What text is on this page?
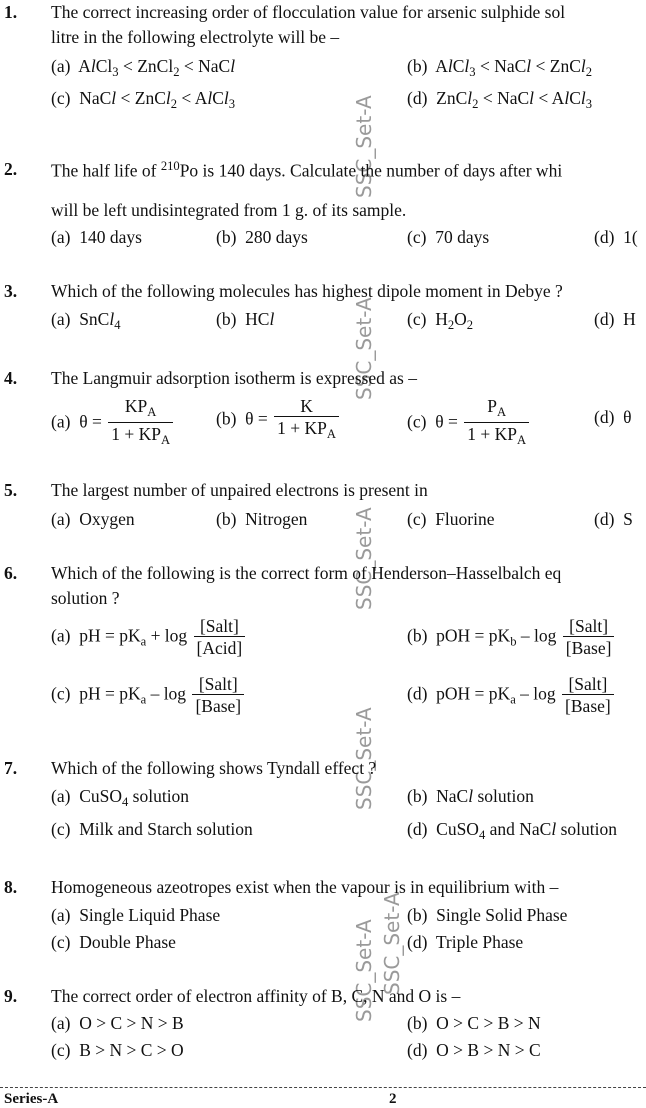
SSC_Set-A
SSC_Set-A
SSC_Set-A
SSC_Set-A
SSC_Set-A SSC_Set-A
1. The correct increasing order of flocculation value for arsenic sulphide sol
litre in the following electrolyte will be –
(a)  AlCl$_3$ < ZnCl$_2$ < NaCl	(b)  AlCl$_3$ < NaCl < ZnCl$_2$
(c)  NaCl < ZnCl$_2$ < AlCl$_3$	(d)  ZnCl$_2$ < NaCl < AlCl$_3$
2. The half life of $^{210}$Po is 140 days. Calculate the number of days after whi
will be left undisintegrated from 1 g. of its sample.
(a) 140 days	(b) 280 days	(c) 70 days	(d) 1(
3. Which of the following molecules has highest dipole moment in Debye ?
(a)  SnCl$_4$	(b)  HCl	(c)  $H_2O_2$	(d)  H
4. The Langmuir adsorption isotherm is expressed as –
(a)  $\theta = \frac{KP_A}{1 + KP_A} (b) \theta = \frac{K}{1 + KP_A}$	(c)  $\theta = \frac{P_A}{1 + KP_A}$	(d)  θ
5. The largest number of unpaired electrons is present in
(a) Oxygen	(b) Nitrogen	(c) Fluorine	(d) S
6. Which of the following is the correct form of Henderson–Hasselbalch eq
solution ?
(a)  pH = $pK_a + \log \frac{\text{[Salt]}}{\text{[Acid]}}$	(b)  pOH = $pK_b$ – $\log \frac{\text{[Salt]}}{\text{[Base]}}$
(c)  pH = $pK_a$ – $\log \frac{\text{[Salt]}}{\text{[Base]}}$	(d)  pOH = $pK_a$ – $\log \frac{\text{[Salt]}}{\text{[Base]}}$
7. Which of the following shows Tyndall effect ?
(a)  CuSO$_4$ solution	(b)  NaCl solution
(c) Milk and Starch solution	(d)  CuSO$_4$ and NaCl solution
8. Homogeneous azeotropes exist when the vapour is in equilibrium with –
(a) Single Liquid Phase	(b) Single Solid Phase
(c) Double Phase	(d) Triple Phase
9. The correct order of electron affinity of B, C, N and O is –
(a) O > C > N > B	(b) O > C > B > N
(c) B > N > C > O	(d) O > B > N > C
Series-A	2
